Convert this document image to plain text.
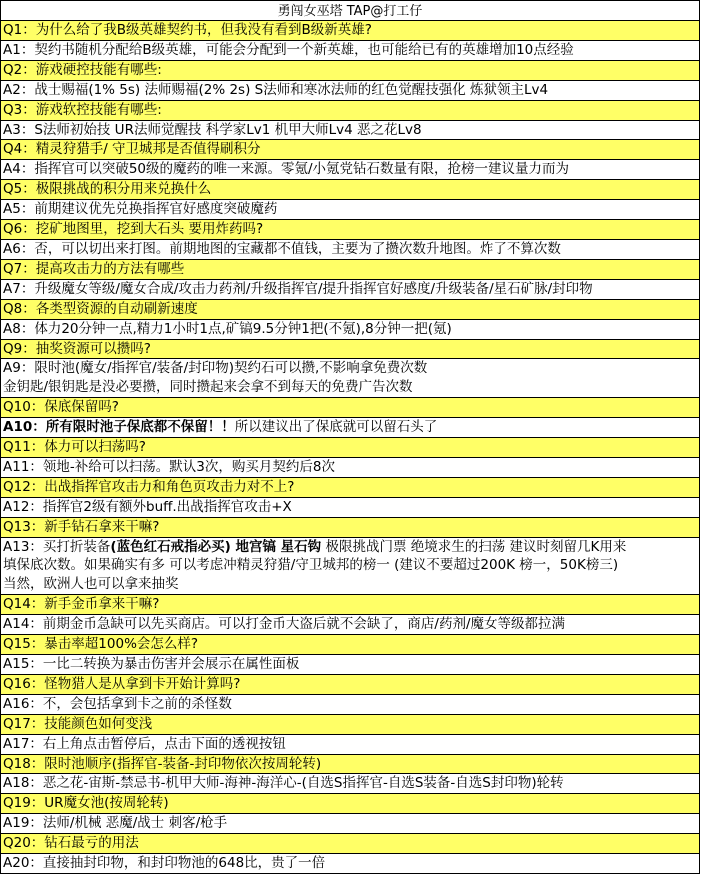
勇闯女巫塔 TAP@打工仔
Q1：为什么给了我B级英雄契约书，但我没有看到B级新英雄?
A1：契约书随机分配给B级英雄，可能会分配到一个新英雄，也可能给已有的英雄增加10点经验
Q2：游戏硬控技能有哪些:
A2：战士赐福(1% 5s) 法师赐福(2% 2s) S法师和寒冰法师的红色觉醒技强化 炼狱领主Lv4
Q3：游戏软控技能有哪些:
A3：S法师初始技 UR法师觉醒技 科学家Lv1 机甲大师Lv4 恶之花Lv8
Q4：精灵狩猎手/ 守卫城邦是否值得刷积分
A4：指挥官可以突破50级的魔药的唯一来源。零氪/小氪党钻石数量有限，抢榜一建议量力而为
Q5：极限挑战的积分用来兑换什么
A5：前期建议优先兑换指挥官好感度突破魔药
Q6：挖矿地图里，挖到大石头 要用炸药吗?
A6：否，可以切出来打图。前期地图的宝藏都不值钱，主要为了攒次数升地图。炸了不算次数
Q7：提高攻击力的方法有哪些
A7：升级魔女等级/魔女合成/攻击力药剂/升级指挥官/提升指挥官好感度/升级装备/星石矿脉/封印物
Q8：各类型资源的自动刷新速度
A8：体力20分钟一点,精力1小时1点,矿镐9.5分钟1把(不氪),8分钟一把(氪)
Q9：抽奖资源可以攒吗?
A9：限时池(魔女/指挥官/装备/封印物)契约石可以攒,不影响拿免费次数
金钥匙/银钥匙是没必要攒，同时攒起来会拿不到每天的免费广告次数
Q10：保底保留吗?
A10：所有限时池子保底都不保留！！所以建议出了保底就可以留石头了
Q11：体力可以扫荡吗?
A11：领地-补给可以扫荡。默认3次，购买月契约后8次
Q12：出战指挥官攻击力和角色页攻击力对不上?
A12：指挥官2级有额外buff.出战指挥官攻击+X
Q13：新手钻石拿来干嘛?
A13：买打折装备(蓝色红石戒指必买) 地宫镐 星石钩 极限挑战门票 绝境求生的扫荡 建议时刻留几K用来
填保底次数。如果确实有多 可以考虑冲精灵狩猎/守卫城邦的榜一 (建议不要超过200K 榜一，50K榜三)
当然，欧洲人也可以拿来抽奖
Q14：新手金币拿来干嘛?
A14：前期金币急缺可以先买商店。可以打金币大盗后就不会缺了，商店/药剂/魔女等级都拉满
Q15：暴击率超100%会怎么样?
A15：一比二转换为暴击伤害并会展示在属性面板
Q16：怪物猎人是从拿到卡开始计算吗?
A16：不，会包括拿到卡之前的杀怪数
Q17：技能颜色如何变浅
A17：右上角点击暂停后，点击下面的透视按钮
Q18：限时池顺序(指挥官-装备-封印物依次按周轮转)
A18：恶之花-宙斯-禁忌书-机甲大师-海神-海洋心-(自选S指挥官-自选S装备-自选S封印物)轮转
Q19：UR魔女池(按周轮转)
A19：法师/机械 恶魔/战士 刺客/枪手
Q20：钻石最亏的用法
A20：直接抽封印物，和封印物池的648比，贵了一倍
